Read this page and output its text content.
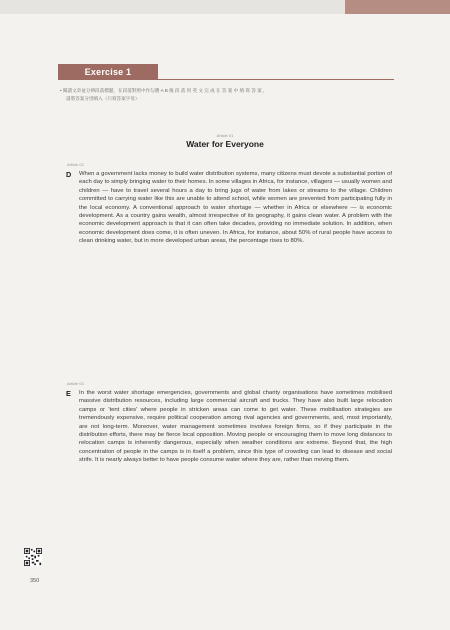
Exercise 1
• 閱讀文章並分辨段落標題，在段落對照中作勾選 A B 後 段 落 用 英 文 完 成 在 答 案 中 填 寫 答 案 ，
請將答案分別填入（只寫答案字母）
Article 01
Water for Everyone
Article 02
D When a government lacks money to build water distribution systems, many citizens must devote a substantial portion of each day to simply bringing water to their homes. In some villages in Africa, for instance, villagers — usually women and children — have to travel several hours a day to bring jugs of water from lakes or streams to the village. Children committed to carrying water like this are unable to attend school, while women are prevented from participating fully in the local economy. A conventional approach to water shortage — whether in Africa or elsewhere — is economic development. As a country gains wealth, almost irrespective of its geography, it gains clean water. A problem with the economic development approach is that it can often take decades, providing no immediate solution. In addition, when economic development does come, it is often uneven. In Africa, for instance, about 50% of rural people have access to clean drinking water, but in more developed urban areas, the percentage rises to 80%.
Article 03
E In the worst water shortage emergencies, governments and global charity organisations have sometimes mobilised massive distribution resources, including large commercial aircraft and trucks. They have also built large relocation camps or 'tent cities' where people in stricken areas can come to get water. These mobilisation strategies are tremendously expensive, require political cooperation among rival agencies and governments, and, most importantly, are not long-term. Moreover, water management sometimes involves foreign firms, so if they participate in the distribution efforts, there may be fierce local opposition. Moving people or encouraging them to move long distances to relocation camps is inherently dangerous, especially when weather conditions are extreme. Beyond that, the high concentration of people in the camps is in itself a problem, since this type of crowding can lead to disease and social strife. It is nearly always better to have people consume water where they are, rather than moving them.
350
